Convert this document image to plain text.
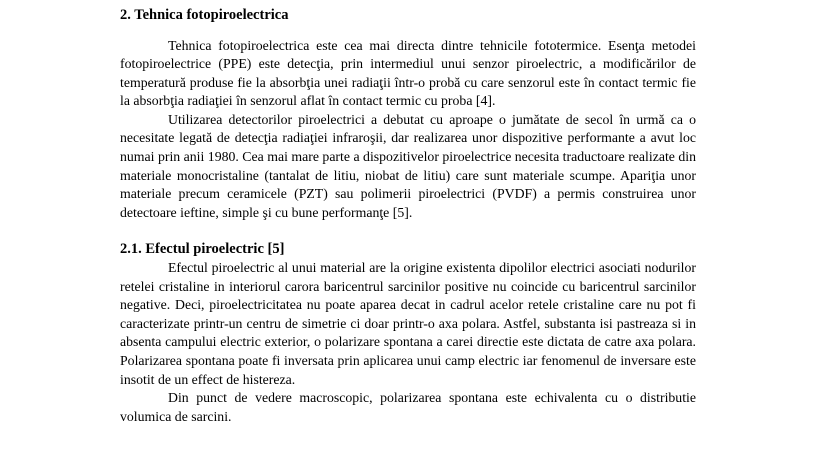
2. Tehnica fotopiroelectrica

Tehnica fotopiroelectrica este cea mai directa dintre tehnicile fototermice. Esenţa metodei fotopiroelectrice (PPE) este detecţia, prin intermediul unui senzor piroelectric, a modificărilor de temperatură produse fie la absorbţia unei radiaţii într-o probă cu care senzorul este în contact termic fie la absorbţia radiaţiei în senzorul aflat în contact termic cu proba [4].

Utilizarea detectorilor piroelectrici a debutat cu aproape o jumătate de secol în urmă ca o necesitate legată de detecţia radiaţiei infraroşii, dar realizarea unor dispozitive performante a avut loc numai prin anii 1980. Cea mai mare parte a dispozitivelor piroelectrice necesita traductoare realizate din materiale monocristaline (tantalat de litiu, niobat de litiu) care sunt materiale scumpe. Apariţia unor materiale precum ceramicele (PZT) sau polimerii piroelectrici (PVDF) a permis construirea unor detectoare ieftine, simple şi cu bune performanţe [5].

2.1. Efectul piroelectric [5]

Efectul piroelectric al unui material are la origine existenta dipolilor electrici asociati nodurilor retelei cristaline in interiorul carora baricentrul sarcinilor positive nu coincide cu baricentrul sarcinilor negative. Deci, piroelectricitatea nu poate aparea decat in cadrul acelor retele cristaline care nu pot fi caracterizate printr-un centru de simetrie ci doar printr-o axa polara. Astfel, substanta isi pastreaza si in absenta campului electric exterior, o polarizare spontana a carei directie este dictata de catre axa polara. Polarizarea spontana poate fi inversata prin aplicarea unui camp electric iar fenomenul de inversare este insotit de un effect de histereza.

Din punct de vedere macroscopic, polarizarea spontana este echivalenta cu o distributie volumica de sarcini.
